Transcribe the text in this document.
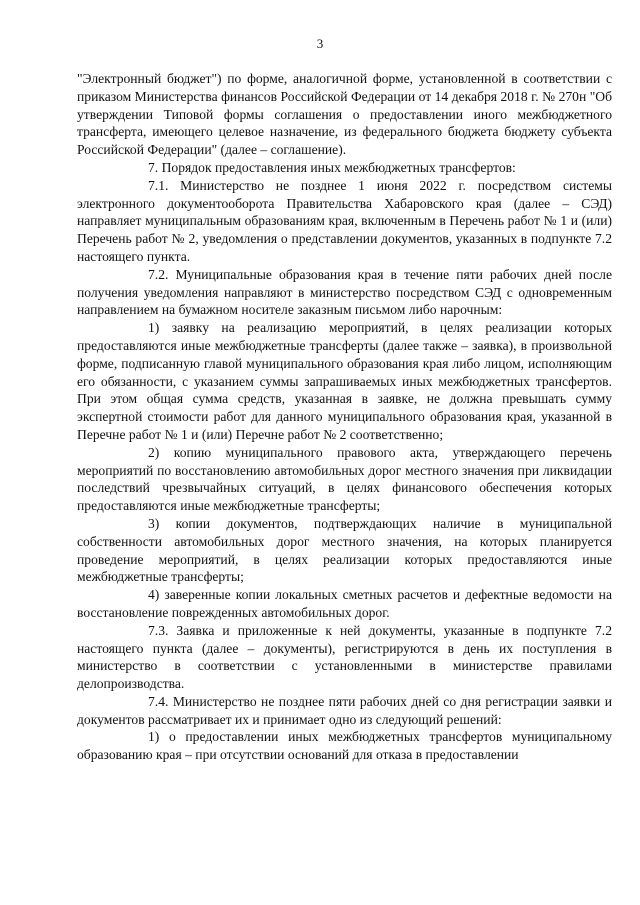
3

"Электронный бюджет") по форме, аналогичной форме, установленной в соответствии с приказом Министерства финансов Российской Федерации от 14 декабря 2018 г. № 270н "Об утверждении Типовой формы соглашения о предоставлении иного межбюджетного трансферта, имеющего целевое назначение, из федерального бюджета бюджету субъекта Российской Федерации" (далее – соглашение).

7. Порядок предоставления иных межбюджетных трансфертов:

7.1. Министерство не позднее 1 июня 2022 г. посредством системы электронного документооборота Правительства Хабаровского края (далее – СЭД) направляет муниципальным образованиям края, включенным в Перечень работ № 1 и (или) Перечень работ № 2, уведомления о представлении документов, указанных в подпункте 7.2 настоящего пункта.

7.2. Муниципальные образования края в течение пяти рабочих дней после получения уведомления направляют в министерство посредством СЭД с одновременным направлением на бумажном носителе заказным письмом либо нарочным:

1) заявку на реализацию мероприятий, в целях реализации которых предоставляются иные межбюджетные трансферты (далее также – заявка), в произвольной форме, подписанную главой муниципального образования края либо лицом, исполняющим его обязанности, с указанием суммы запрашиваемых иных межбюджетных трансфертов. При этом общая сумма средств, указанная в заявке, не должна превышать сумму экспертной стоимости работ для данного муниципального образования края, указанной в Перечне работ № 1 и (или) Перечне работ № 2 соответственно;

2) копию муниципального правового акта, утверждающего перечень мероприятий по восстановлению автомобильных дорог местного значения при ликвидации последствий чрезвычайных ситуаций, в целях финансового обеспечения которых предоставляются иные межбюджетные трансферты;

3) копии документов, подтверждающих наличие в муниципальной собственности автомобильных дорог местного значения, на которых планируется проведение мероприятий, в целях реализации которых предоставляются иные межбюджетные трансферты;

4) заверенные копии локальных сметных расчетов и дефектные ведомости на восстановление поврежденных автомобильных дорог.

7.3. Заявка и приложенные к ней документы, указанные в подпункте 7.2 настоящего пункта (далее – документы), регистрируются в день их поступления в министерство в соответствии с установленными в министерстве правилами делопроизводства.

7.4. Министерство не позднее пяти рабочих дней со дня регистрации заявки и документов рассматривает их и принимает одно из следующий решений:

1) о предоставлении иных межбюджетных трансфертов муниципальному образованию края – при отсутствии оснований для отказа в предоставлении
